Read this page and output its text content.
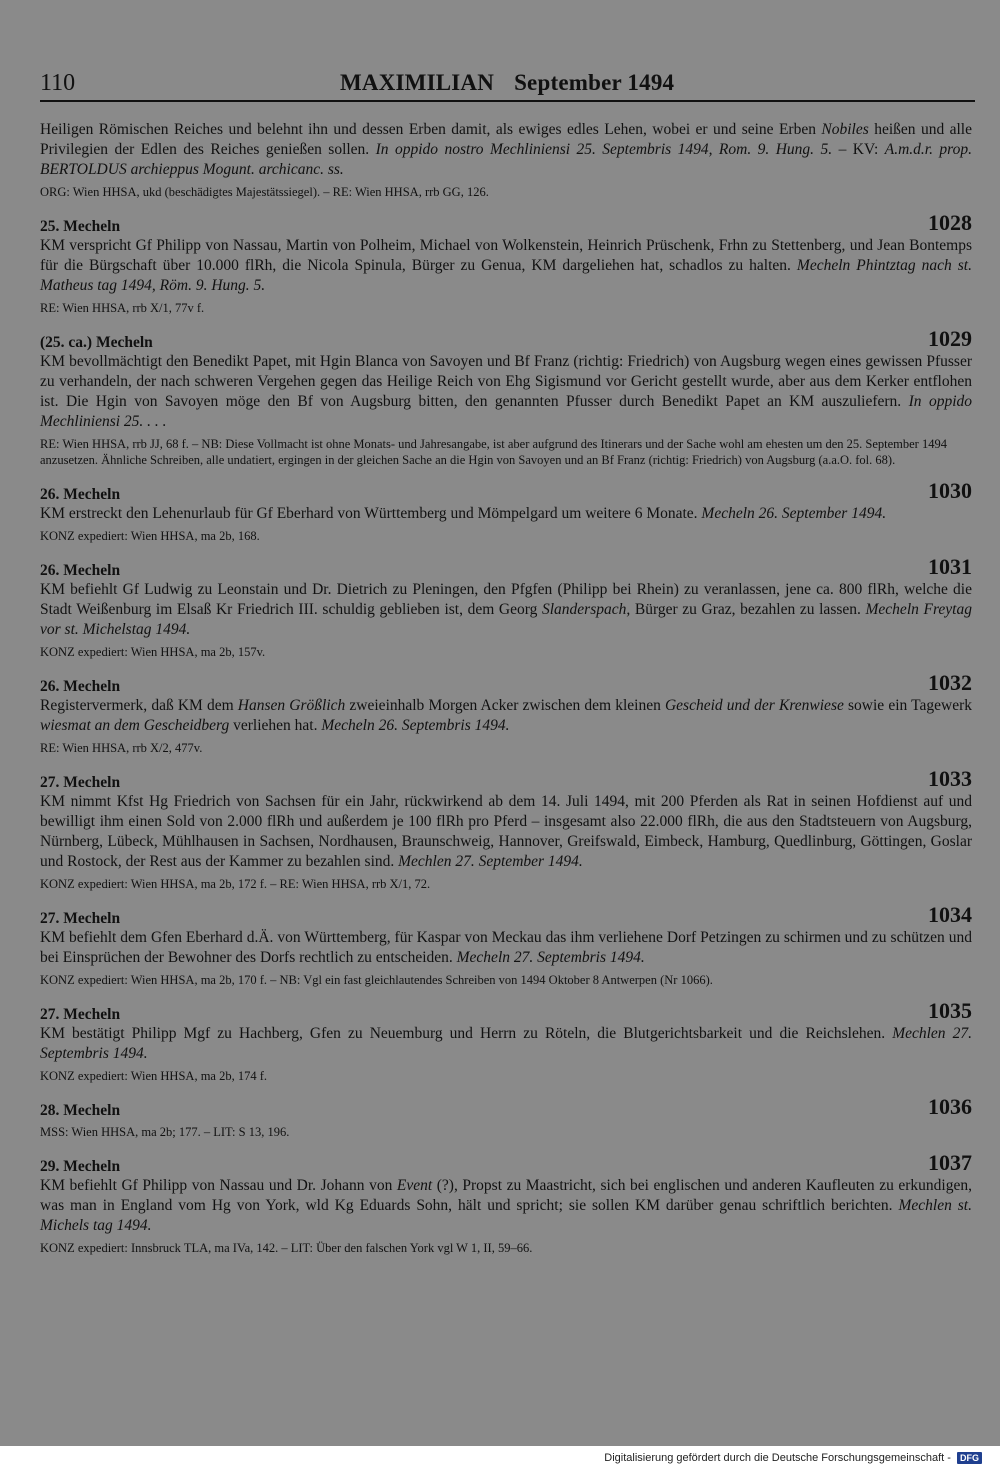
110	MAXIMILIAN September 1494

Heiligen Römischen Reiches und belehnt ihn und dessen Erben damit, als ewiges edles Lehen, wobei er und seine Erben Nobiles heißen und alle Privilegien der Edlen des Reiches genießen sollen. In oppido nostro Mechliniensi 25. Septembris 1494, Rom. 9. Hung. 5. – KV: A.m.d.r. prop. BERTOLDUS archieppus Mogunt. archicanc. ss.

ORG: Wien HHSA, ukd (beschädigtes Majestätssiegel). – RE: Wien HHSA, rrb GG, 126.

25. Mecheln	1028

KM verspricht Gf Philipp von Nassau, Martin von Polheim, Michael von Wolkenstein, Heinrich Prüschenk, Frhn zu Stettenberg, und Jean Bontemps für die Bürgschaft über 10.000 flRh, die Nicola Spinula, Bürger zu Genua, KM dargeliehen hat, schadlos zu halten. Mecheln Phintztag nach st. Matheus tag 1494, Röm. 9. Hung. 5.

RE: Wien HHSA, rrb X/1, 77v f.

(25. ca.) Mecheln	1029

KM bevollmächtigt den Benedikt Papet, mit Hgin Blanca von Savoyen und Bf Franz (richtig: Friedrich) von Augsburg wegen eines gewissen Pfusser zu verhandeln, der nach schweren Vergehen gegen das Heilige Reich von Ehg Sigismund vor Gericht gestellt wurde, aber aus dem Kerker entflohen ist. Die Hgin von Savoyen möge den Bf von Augsburg bitten, den genannten Pfusser durch Benedikt Papet an KM auszuliefern. In oppido Mechliniensi 25. . . .

RE: Wien HHSA, rrb JJ, 68 f. – NB: Diese Vollmacht ist ohne Monats- und Jahresangabe, ist aber aufgrund des Itinerars und der Sache wohl am ehesten um den 25. September 1494 anzusetzen. Ähnliche Schreiben, alle undatiert, ergingen in der gleichen Sache an die Hgin von Savoyen und an Bf Franz (richtig: Friedrich) von Augsburg (a.a.O. fol. 68).

26. Mecheln	1030

KM erstreckt den Lehenurlaub für Gf Eberhard von Württemberg und Mömpelgard um weitere 6 Monate. Mecheln 26. September 1494.

KONZ expediert: Wien HHSA, ma 2b, 168.

26. Mecheln	1031

KM befiehlt Gf Ludwig zu Leonstain und Dr. Dietrich zu Pleningen, den Pfgfen (Philipp bei Rhein) zu veranlassen, jene ca. 800 flRh, welche die Stadt Weißenburg im Elsaß Kr Friedrich III. schuldig geblieben ist, dem Georg Slanderspach, Bürger zu Graz, bezahlen zu lassen. Mecheln Freytag vor st. Michelstag 1494.

KONZ expediert: Wien HHSA, ma 2b, 157v.

26. Mecheln	1032

Registervermerk, daß KM dem Hansen Größlich zweieinhalb Morgen Acker zwischen dem kleinen Gescheid und der Krenwiese sowie ein Tagewerk wiesmat an dem Gescheidberg verliehen hat. Mecheln 26. Septembris 1494.

RE: Wien HHSA, rrb X/2, 477v.

27. Mecheln	1033

KM nimmt Kfst Hg Friedrich von Sachsen für ein Jahr, rückwirkend ab dem 14. Juli 1494, mit 200 Pferden als Rat in seinen Hofdienst auf und bewilligt ihm einen Sold von 2.000 flRh und außerdem je 100 flRh pro Pferd – insgesamt also 22.000 flRh, die aus den Stadtsteuern von Augsburg, Nürnberg, Lübeck, Mühlhausen in Sachsen, Nordhausen, Braunschweig, Hannover, Greifswald, Eimbeck, Hamburg, Quedlinburg, Göttingen, Goslar und Rostock, der Rest aus der Kammer zu bezahlen sind. Mechlen 27. September 1494.

KONZ expediert: Wien HHSA, ma 2b, 172 f. – RE: Wien HHSA, rrb X/1, 72.

27. Mecheln	1034

KM befiehlt dem Gfen Eberhard d.Ä. von Württemberg, für Kaspar von Meckau das ihm verliehene Dorf Petzingen zu schirmen und zu schützen und bei Einsprüchen der Bewohner des Dorfs rechtlich zu entscheiden. Mecheln 27. Septembris 1494.

KONZ expediert: Wien HHSA, ma 2b, 170 f. – NB: Vgl ein fast gleichlautendes Schreiben von 1494 Oktober 8 Antwerpen (Nr 1066).

27. Mecheln	1035

KM bestätigt Philipp Mgf zu Hachberg, Gfen zu Neuemburg und Herrn zu Röteln, die Blutgerichtsbarkeit und die Reichslehen. Mechlen 27. Septembris 1494.

KONZ expediert: Wien HHSA, ma 2b, 174 f.

28. Mecheln	1036

MSS: Wien HHSA, ma 2b; 177. – LIT: S 13, 196.

29. Mecheln	1037

KM befiehlt Gf Philipp von Nassau und Dr. Johann von Event (?), Propst zu Maastricht, sich bei englischen und anderen Kaufleuten zu erkundigen, was man in England vom Hg von York, wld Kg Eduards Sohn, hält und spricht; sie sollen KM darüber genau schriftlich berichten. Mechlen st. Michels tag 1494.

KONZ expediert: Innsbruck TLA, ma IVa, 142. – LIT: Über den falschen York vgl W 1, II, 59–66.

Digitalisierung gefördert durch die Deutsche Forschungsgemeinschaft - DFG
